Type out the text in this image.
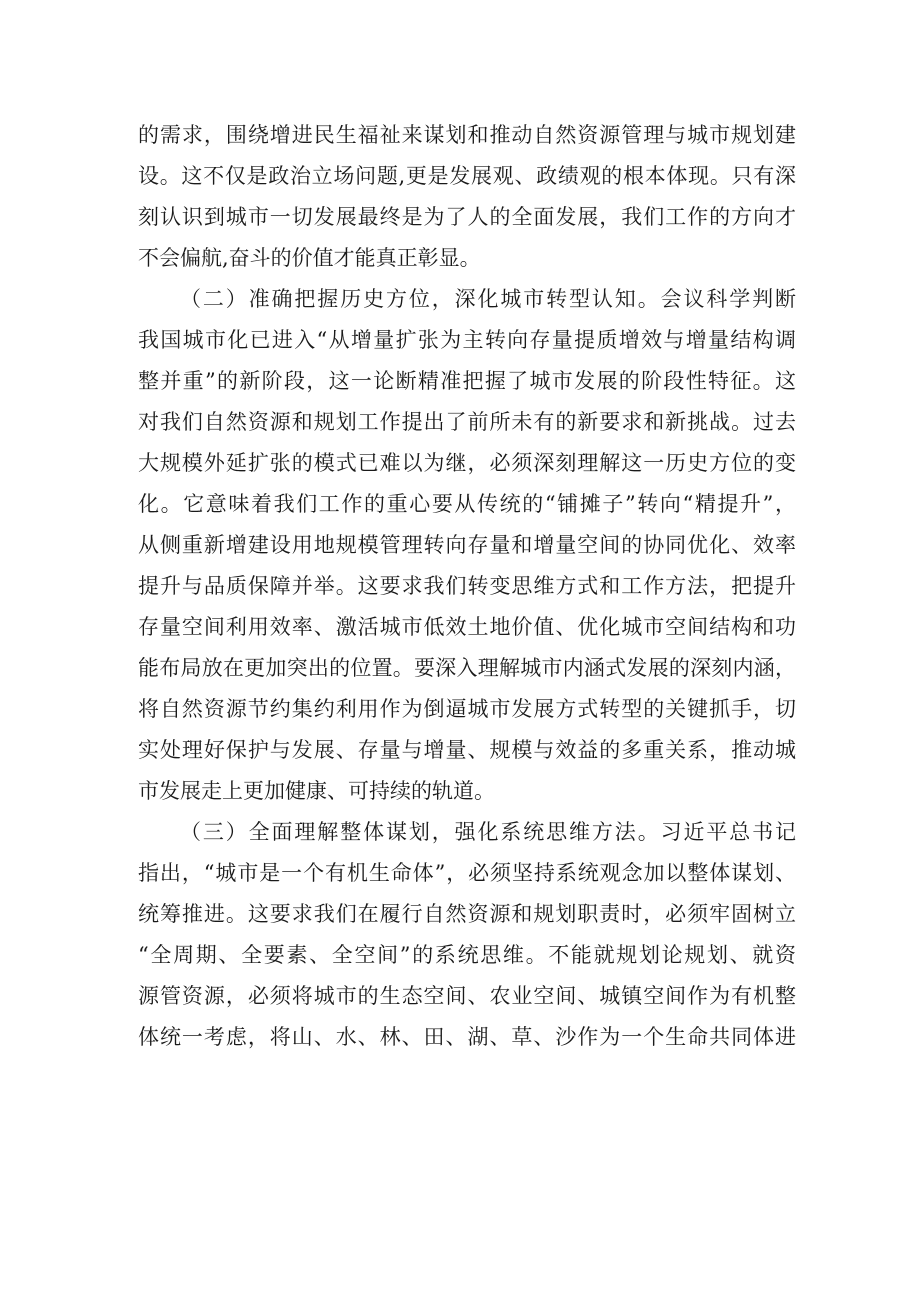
的需求，围绕增进民生福祉来谋划和推动自然资源管理与城市规划建
设。这不仅是政治立场问题,更是发展观、政绩观的根本体现。只有深
刻认识到城市一切发展最终是为了人的全面发展，我们工作的方向才
不会偏航,奋斗的价值才能真正彰显。

（二）准确把握历史方位，深化城市转型认知。会议科学判断
我国城市化已进入“从增量扩张为主转向存量提质增效与增量结构调
整并重”的新阶段，这一论断精准把握了城市发展的阶段性特征。这
对我们自然资源和规划工作提出了前所未有的新要求和新挑战。过去
大规模外延扩张的模式已难以为继，必须深刻理解这一历史方位的变
化。它意味着我们工作的重心要从传统的“铺摊子”转向“精提升”，
从侧重新增建设用地规模管理转向存量和增量空间的协同优化、效率
提升与品质保障并举。这要求我们转变思维方式和工作方法，把提升
存量空间利用效率、激活城市低效土地价值、优化城市空间结构和功
能布局放在更加突出的位置。要深入理解城市内涵式发展的深刻内涵，
将自然资源节约集约利用作为倒逼城市发展方式转型的关键抓手，切
实处理好保护与发展、存量与增量、规模与效益的多重关系，推动城
市发展走上更加健康、可持续的轨道。

（三）全面理解整体谋划，强化系统思维方法。习近平总书记
指出，“城市是一个有机生命体”，必须坚持系统观念加以整体谋划、
统筹推进。这要求我们在履行自然资源和规划职责时，必须牢固树立
“全周期、全要素、全空间”的系统思维。不能就规划论规划、就资
源管资源，必须将城市的生态空间、农业空间、城镇空间作为有机整
体统一考虑，将山、水、林、田、湖、草、沙作为一个生命共同体进
